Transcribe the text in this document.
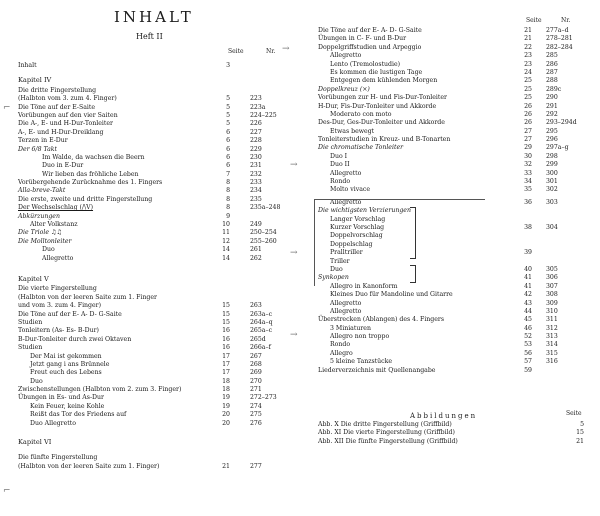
INHALT
Heft II
Seite	Nr.
Seite	Nr.
Inhalt	3
Kapitel IV
Die dritte Fingerstellung
(Halbton vom 3. zum 4. Finger)	5	223
Die Töne auf der E-Saite	5	223a
Vorübungen auf den vier Saiten	5	224–225
Die A-, E- und H-Dur-Tonleiter	5	226
A-, E- und H-Dur-Dreiklang	6	227
Terzen in E-Dur	6	228
Der 6/8 Takt	6	229
Im Walde, da wachsen die Beern	6	230
Duo in E-Dur	6	231
Wir lieben das fröhliche Leben	7	232
Vorübergehende Zurücknahme des 1. Fingers	8	233
Alla-breve-Takt	8	234
Die erste, zweite und dritte Fingerstellung	8	235
Der Wechselschlag (/\V)	8	235a–248
Abkürzungen	9
Alter Volkstanz	10	249
Die Triole ♫♫	11	250–254
Die Molltonleiter	12	255–260
Duo	14	261
Allegretto	14	262
Kapitel V
Die vierte Fingerstellung
(Halbton von der leeren Saite zum 1. Finger
und vom 3. zum 4. Finger)	15	263
Die Töne auf der E- A- D- G-Saite	15	263a–c
Studien	15	264a–q
Tonleitern (As- Es- B-Dur)	16	265a–c
B-Dur-Tonleiter durch zwei Oktaven	16	265d
Studien	16	266a–f
Der Mai ist gekommen	17	267
Jetzt gang i ans Brünnele	17	268
Freut euch des Lebens	17	269
Duo	18	270
Zwischenstellungen (Halbton vom 2. zum 3. Finger)	18	271
Übungen in Es- und As-Dur	19	272–273
Kein Feuer, keine Kohle	19	274
Reißt das Tor des Friedens auf	20	275
Duo Allegretto	20	276
Kapitel VI
Die fünfte Fingerstellung
(Halbton von der leeren Saite zum 1. Finger)	21	277
Die Töne auf der E- A- D- G-Saite	21 277a–d
Übungen in C- F- und B-Dur	21 278–281
Doppelgriffstudien und Arpeggio	22 282–284
Allegretto	23 285
Lento (Tremolostudie)	23 286
Es kommen die lustigen Tage	24 287
Entgegen dem kühlenden Morgen	25 288
Doppelkreuz (×)	25 289c
Vorübungen zur H- und Fis-Dur-Tonleiter	25 290
H-Dur, Fis-Dur-Tonleiter und Akkorde	26 291
Moderato con moto	26 292
Des-Dur, Ges-Dur-Tonleiter und Akkorde	26 293–294d
Etwas bewegt	27 295
Tonleiterstudien in Kreuz- und B-Tonarten	27 296
Die chromatische Tonleiter	29 297a–g
Duo I	30 298
Duo II	32 299
Allegretto	33 300
Rondo	34 301
Molto vivace	35 302
Allegretto	36 303
Die wichtigsten Verzierungen
Langer Vorschlag
Kurzer Vorschlag	38 304
Doppelvorschlag
Doppelschlag
Pralltriller	39
Triller
Duo	40 305
Synkopen	41 306
Allegro in Kanonform	41 307
Kleines Duo für Mandoline und Gitarre	42 308
Allegretto	43 309
Allegretto	44 310
Überstrecken (Ablangen) des 4. Fingers	45 311
3 Miniaturen	46 312
Allegro non troppo	52 313
Rondo	53 314
Allegro	56 315
5 kleine Tanzstücke	57 316
Liederverzeichnis mit Quellenangabe	59
⌐
→
→
→
→
⌐
Abbildungen	Seite
Abb. X Die dritte Fingerstellung (Griffbild)	5
Abb. XI Die vierte Fingerstellung (Griffbild)	15
Abb. XII Die fünfte Fingerstellung (Griffbild)	21
